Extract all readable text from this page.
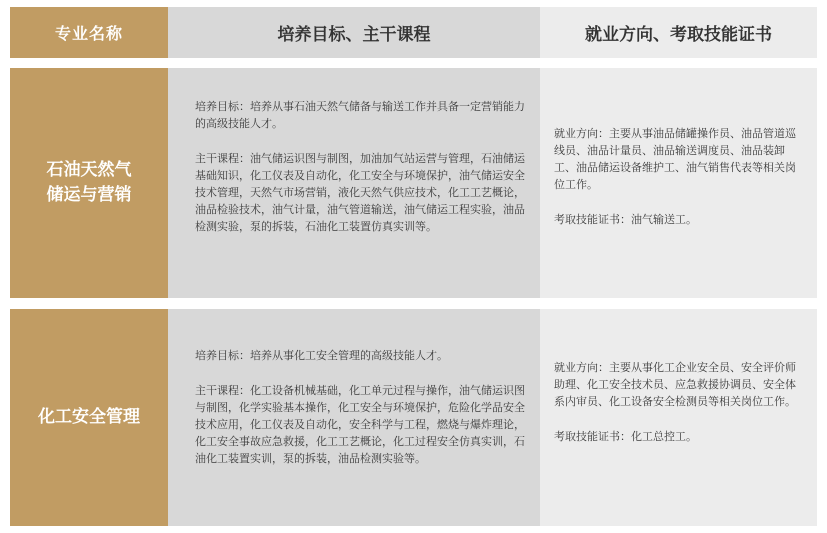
专业名称	培养目标、主干课程	就业方向、考取技能证书
石油天然气
储运与营销

培养目标：培养从事石油天然气储备与输送工作并具备一定营销能力的高级技能人才。

主干课程：油气储运识图与制图，加油加气站运营与管理，石油储运基础知识，化工仪表及自动化，化工安全与环境保护，油气储运安全技术管理，天然气市场营销，液化天然气供应技术，化工工艺概论，油品检验技术，油气计量，油气管道输送，油气储运工程实验，油品检测实验，泵的拆装，石油化工装置仿真实训等。

就业方向：主要从事油品储罐操作员、油品管道巡线员、油品计量员、油品输送调度员、油品装卸工、油品储运设备维护工、油气销售代表等相关岗位工作。

考取技能证书：油气输送工。

化工安全管理

培养目标：培养从事化工安全管理的高级技能人才。

主干课程：化工设备机械基础，化工单元过程与操作，油气储运识图与制图，化学实验基本操作，化工安全与环境保护，危险化学品安全技术应用，化工仪表及自动化，安全科学与工程，燃烧与爆炸理论，化工安全事故应急救援，化工工艺概论，化工过程安全仿真实训，石油化工装置实训，泵的拆装，油品检测实验等。

就业方向：主要从事化工企业安全员、安全评价师助理、化工安全技术员、应急救援协调员、安全体系内审员、化工设备安全检测员等相关岗位工作。

考取技能证书：化工总控工。
